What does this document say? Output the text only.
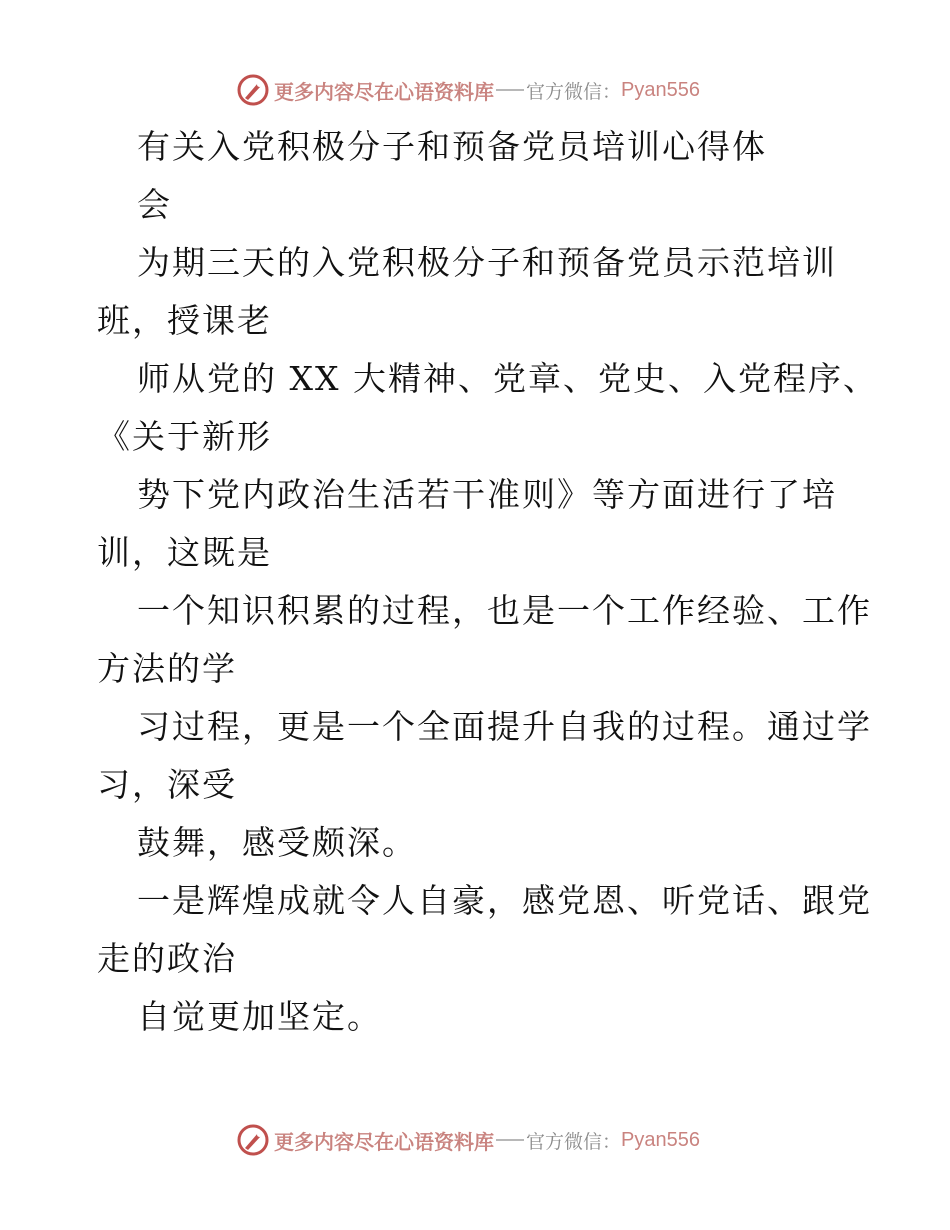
更多内容尽在心语资料库 官方微信： Pyan556
有关入党积极分子和预备党员培训心得体
会
为期三天的入党积极分子和预备党员示范培训
班，授课老
师从党的 XX 大精神、党章、党史、入党程序、
《关于新形
势下党内政治生活若干准则》等方面进行了培
训，这既是
一个知识积累的过程，也是一个工作经验、工作
方法的学
习过程，更是一个全面提升自我的过程。通过学
习，深受
鼓舞，感受颇深。
一是辉煌成就令人自豪，感党恩、听党话、跟党
走的政治
自觉更加坚定。
更多内容尽在心语资料库 官方微信： Pyan556
